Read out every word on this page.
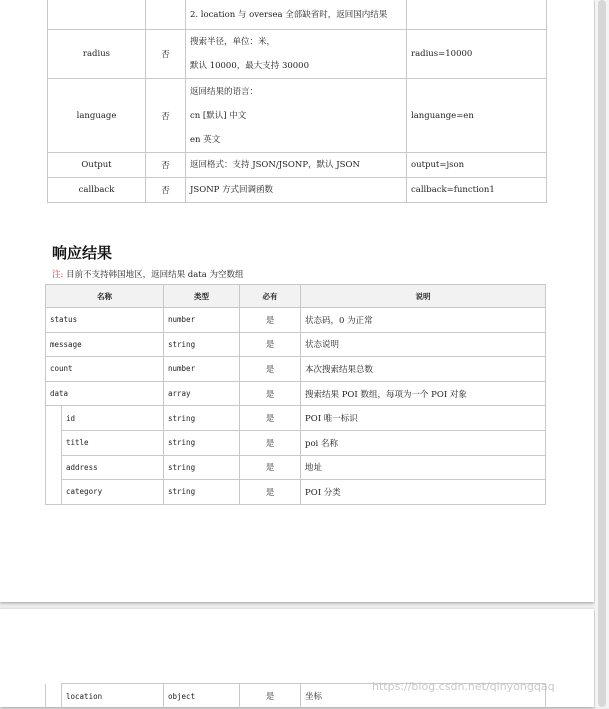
		2. location 与 oversea 全部缺省时，返回国内结果	

radius	否	搜索半径，单位：米，

默认 10000，最大支持 30000	radius=10000
language	否	返回结果的语言：

cn [默认] 中文

en 英文	languange=en
Output	否	返回格式：支持 JSON/JSONP，默认 JSON	output=json
callback	否	JSONP 方式回调函数	callback=function1
响应结果
注: 目前不支持韩国地区，返回结果 data 为空数组
名称		类型	必有	说明
status		number	是	状态码，0 为正常
message		string	是	状态说明
count		number	是	本次搜索结果总数
data		array	是	搜索结果 POI 数组，每项为一个 POI 对象
	id	string	是	POI 唯一标识
	title	string	是	poi 名称
	address	string	是	地址
	category	string	是	POI 分类
	location	object	是	坐标
https://blog.csdn.net/qinyongqaq
